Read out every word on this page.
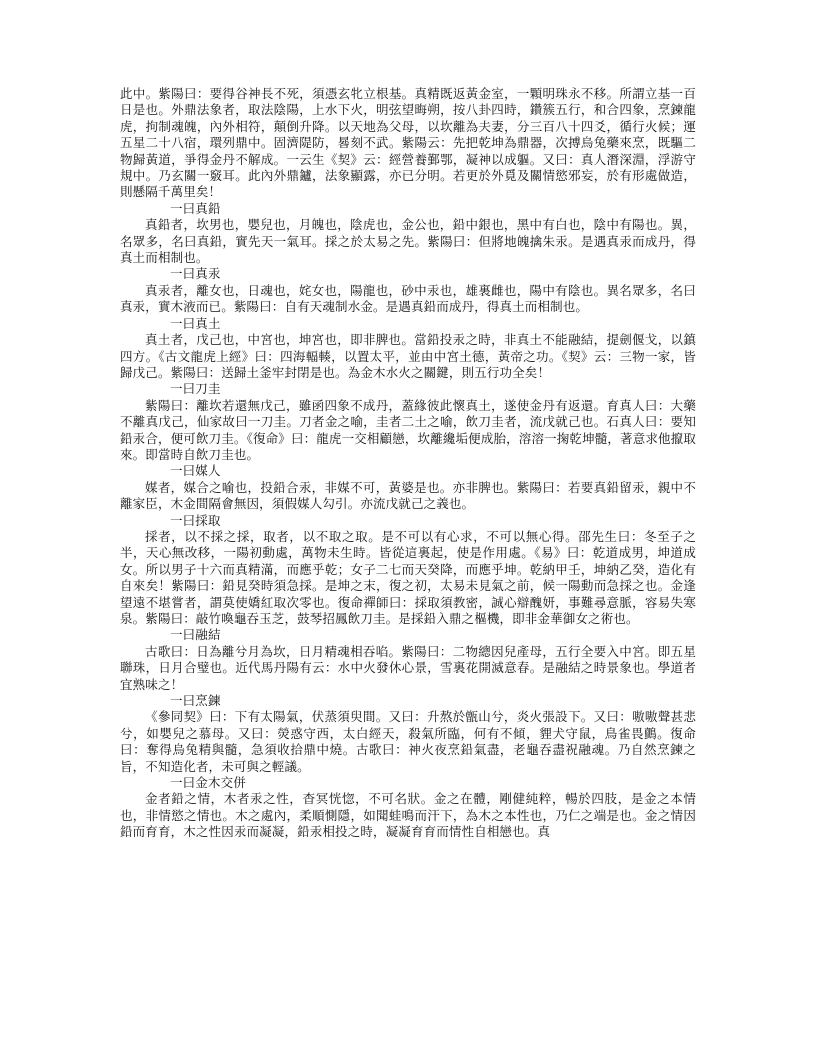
此中。紫陽曰：要得谷神長不死，須憑玄牝立根基。真精既返黃金室，一顆明珠永不移。所謂立基一百日是也。外鼎法象者，取法陰陽，上水下火，明弦望晦朔，按八卦四時，鑽簇五行，和合四象，烹鍊龍虎，拘制魂魄，內外相符，顛倒升降。以天地為父母，以坎離為夫妻，分三百八十四爻，循行火候；運五星二十八宿，環列鼎中。固濟隄防，晷刻不武。紫陽云：先把乾坤為鼎器，次搏烏兔藥來烹，既驅二物歸黃道，爭得金丹不解成。一云生《契》云：經營養鄞鄂，凝神以成軀。又曰：真人潛深淵，浮游守規中。乃玄關一竅耳。此內外鼎鑪，法象顯露，亦已分明。若更於外覓及關情慾邪妄，於有形處做造，則懸隔千萬里矣！

一曰真鉛

真鉛者，坎男也，嬰兒也，月魄也，陰虎也，金公也，鉛中銀也，黑中有白也，陰中有陽也。異，名眾多，名曰真鉛，實先天一氣耳。採之於太易之先。紫陽曰：但將地魄擒朱汞。是遇真汞而成丹，得真土而相制也。

一曰真汞

真汞者，離女也，日魂也，姹女也，陽龍也，砂中汞也，雄裏雌也，陽中有陰也。異名眾多，名曰真汞，實木液而已。紫陽曰：自有天魂制水金。是遇真鉛而成丹，得真土而相制也。

一曰真土

真土者，戊己也，中宮也，坤宮也，即非脾也。當鉛投汞之時，非真土不能融結，提劍偃戈，以鎮四方。《古文龍虎上經》曰：四海輻輳，以置太平，並由中宮土德，黃帝之功。《契》云：三物一家，皆歸戊己。紫陽曰：送歸土釜牢封閉是也。為金木水火之關鍵，則五行功全矣！

一曰刀圭

紫陽曰：離坎若還無戊己，雖函四象不成丹，蓋緣彼此懷真土，遂使金丹有返還。育真人曰：大藥不離真戊己，仙家故曰一刀圭。刀者金之喻，圭者二土之喻，飲刀圭者，流戊就己也。石真人曰：要知鉛汞合，便可飲刀圭。《復命》曰：龍虎一交相顧戀，坎離纔垢便成胎，溶溶一掬乾坤髓，著意求他攛取來。即當時自飲刀圭也。

一曰媒人

媒者，媒合之喻也，投鉛合汞，非媒不可，黃婆是也。亦非脾也。紫陽曰：若要真鉛留汞，親中不離家臣，木金間隔會無因，須假媒人勾引。亦流戊就己之義也。

一曰採取

採者，以不採之採，取者，以不取之取。是不可以有心求，不可以無心得。邵先生曰：冬至子之半，天心無改移，一陽初動處，萬物未生時。皆從這裏起，使是作用處。《易》曰：乾道成男，坤道成女。所以男子十六而真精滿，而應乎乾；女子二七而天癸降，而應乎坤。乾納甲壬，坤納乙癸，造化有自來矣！紫陽曰：鉛見癸時須急採。是坤之末，復之初，太易未見氣之前，候一陽動而急採之也。金逢望遠不堪嘗者，謂莫使嬌紅取次零也。復命禪師曰：採取須教密，誠心辯醜妍，事難尋意脈，容易失寒泉。紫陽曰：敲竹喚龜吞玉芝，鼓琴招鳳飲刀圭。是採鉛入鼎之樞機，即非金華御女之術也。

一曰融結

古歌曰：日為離兮月為坎，日月精魂相吞啗。紫陽曰：二物總因兒產母，五行全要入中宮。即五星聯珠，日月合璧也。近代馬丹陽有云：水中火發休心景，雪裏花開滅意春。是融結之時景象也。學道者宜熟味之！

一曰烹鍊

《參同契》曰：下有太陽氣，伏蒸須臾間。又曰：升熬於甑山兮，炎火張設下。又曰：嗷嗷聲甚悲兮，如嬰兒之慕母。又曰：熒惑守西，太白經天，殺氣所臨，何有不傾，貍犬守鼠，鳥雀畏鸇。復命曰：奪得烏兔精與髓，急須收拾鼎中燒。古歌曰：神火夜烹鉛氣盡，老龜吞盡祝融魂。乃自然烹鍊之旨，不知造化者，未可與之輕議。

一曰金木交併

金者鉛之情，木者汞之性，杳冥恍惚，不可名狀。金之在體，剛健純粹，暢於四肢，是金之本情也，非情慾之情也。木之處內，柔順惻隱，如聞蛙鳴而汗下，為木之本性也，乃仁之端是也。金之情因鉛而育育，木之性因汞而凝凝，鉛汞相投之時，凝凝育育而情性自相戀也。真
